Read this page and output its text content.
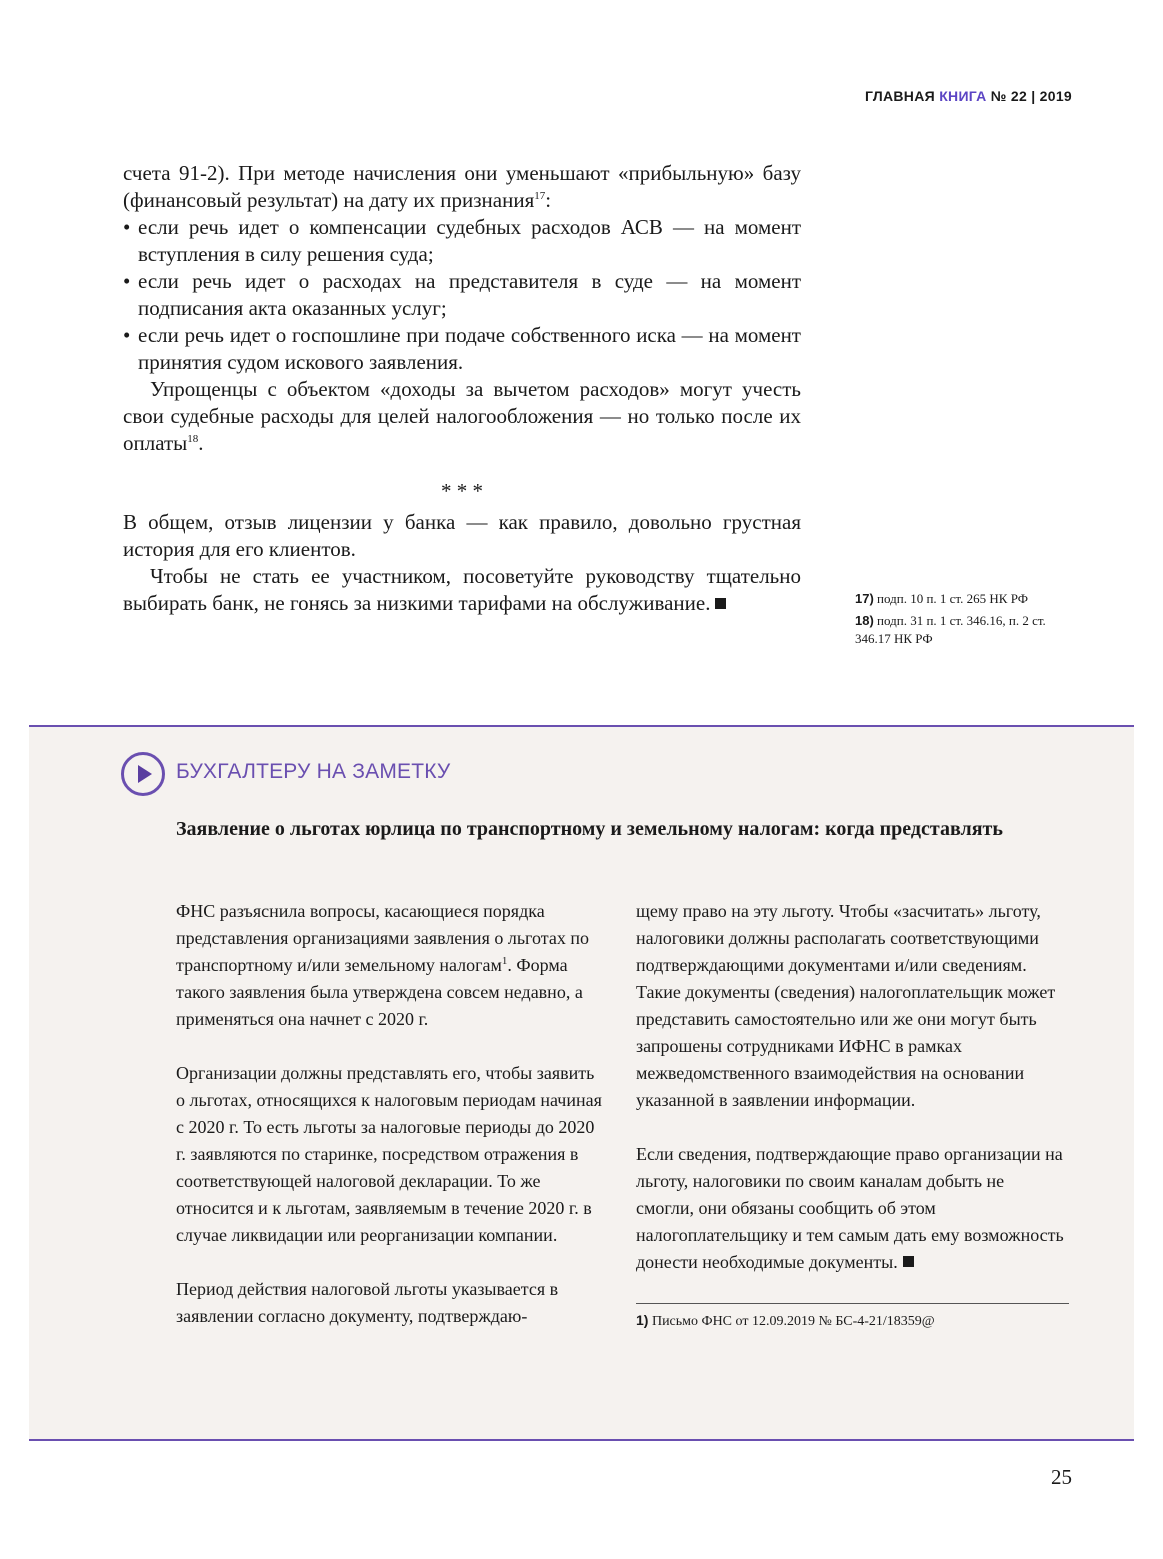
ГЛАВНАЯ КНИГА № 22 | 2019

счета 91-2). При методе начисления они уменьшают «прибыльную» базу (финансовый результат) на дату их признания$^{17}$:

• если речь идет о компенсации судебных расходов АСВ — на момент вступления в силу решения суда;
• если речь идет о расходах на представителя в суде — на момент подписания акта оказанных услуг;
• если речь идет о госпошлине при подаче собственного иска — на момент принятия судом искового заявления.

Упрощенцы с объектом «доходы за вычетом расходов» могут учесть свои судебные расходы для целей налогообложения — но только после их оплаты$^{18}$.

* * *

В общем, отзыв лицензии у банка — как правило, довольно грустная история для его клиентов.

Чтобы не стать ее участником, посоветуйте руководству тщательно выбирать банк, не гонясь за низкими тарифами на обслуживание.	17) подп. 10 п. 1 ст. 265 НК РФ

18) подп. 31 п. 1 ст. 346.16, п. 2 ст. 346.17 НК РФ

БУХГАЛТЕРУ НА ЗАМЕТКУ
Заявление о льготах юрлица по транспортному и земельному налогам: когда представлять

ФНС разъяснила вопросы, касающиеся порядка представления организациями заявления о льготах по транспортному и/или земельному налогам$^1$. Форма такого заявления была утверждена совсем недавно, а применяться она начнет с 2020 г.

Организации должны представлять его, чтобы заявить о льготах, относящихся к налоговым периодам начиная с 2020 г. То есть льготы за налоговые периоды до 2020 г. заявляются по старинке, посредством отражения в соответствующей налоговой декларации. То же относится и к льготам, заявляемым в течение 2020 г. в случае ликвидации или реорганизации компании.

Период действия налоговой льготы указывается в заявлении согласно документу, подтверждаю-

щему право на эту льготу. Чтобы «засчитать» льготу, налоговики должны располагать соответствующими подтверждающими документами и/или сведениям. Такие документы (сведения) налогоплательщик может представить самостоятельно или же они могут быть запрошены сотрудниками ИФНС в рамках межведомственного взаимодействия на основании указанной в заявлении информации.

Если сведения, подтверждающие право организации на льготу, налоговики по своим каналам добыть не смогли, они обязаны сообщить об этом налогоплательщику и тем самым дать ему возможность донести необходимые документы.

1) Письмо ФНС от 12.09.2019 № БС-4-21/18359@

25
